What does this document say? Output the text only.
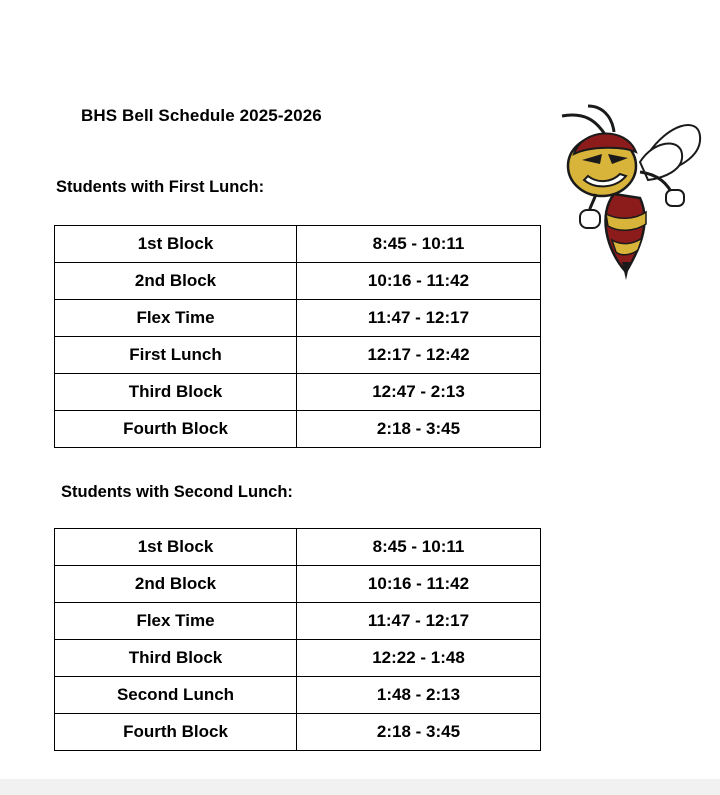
BHS Bell Schedule 2025-2026
Students with First Lunch:
1st Block	8:45 - 10:11
2nd Block	10:16 - 11:42
Flex Time	11:47 - 12:17
First Lunch	12:17 - 12:42
Third Block	12:47 - 2:13
Fourth Block	2:18 - 3:45
Students with Second Lunch:
1st Block	8:45 - 10:11
2nd Block	10:16 - 11:42
Flex Time	11:47 - 12:17
Third Block	12:22 - 1:48
Second Lunch	1:48 - 2:13
Fourth Block	2:18 - 3:45
